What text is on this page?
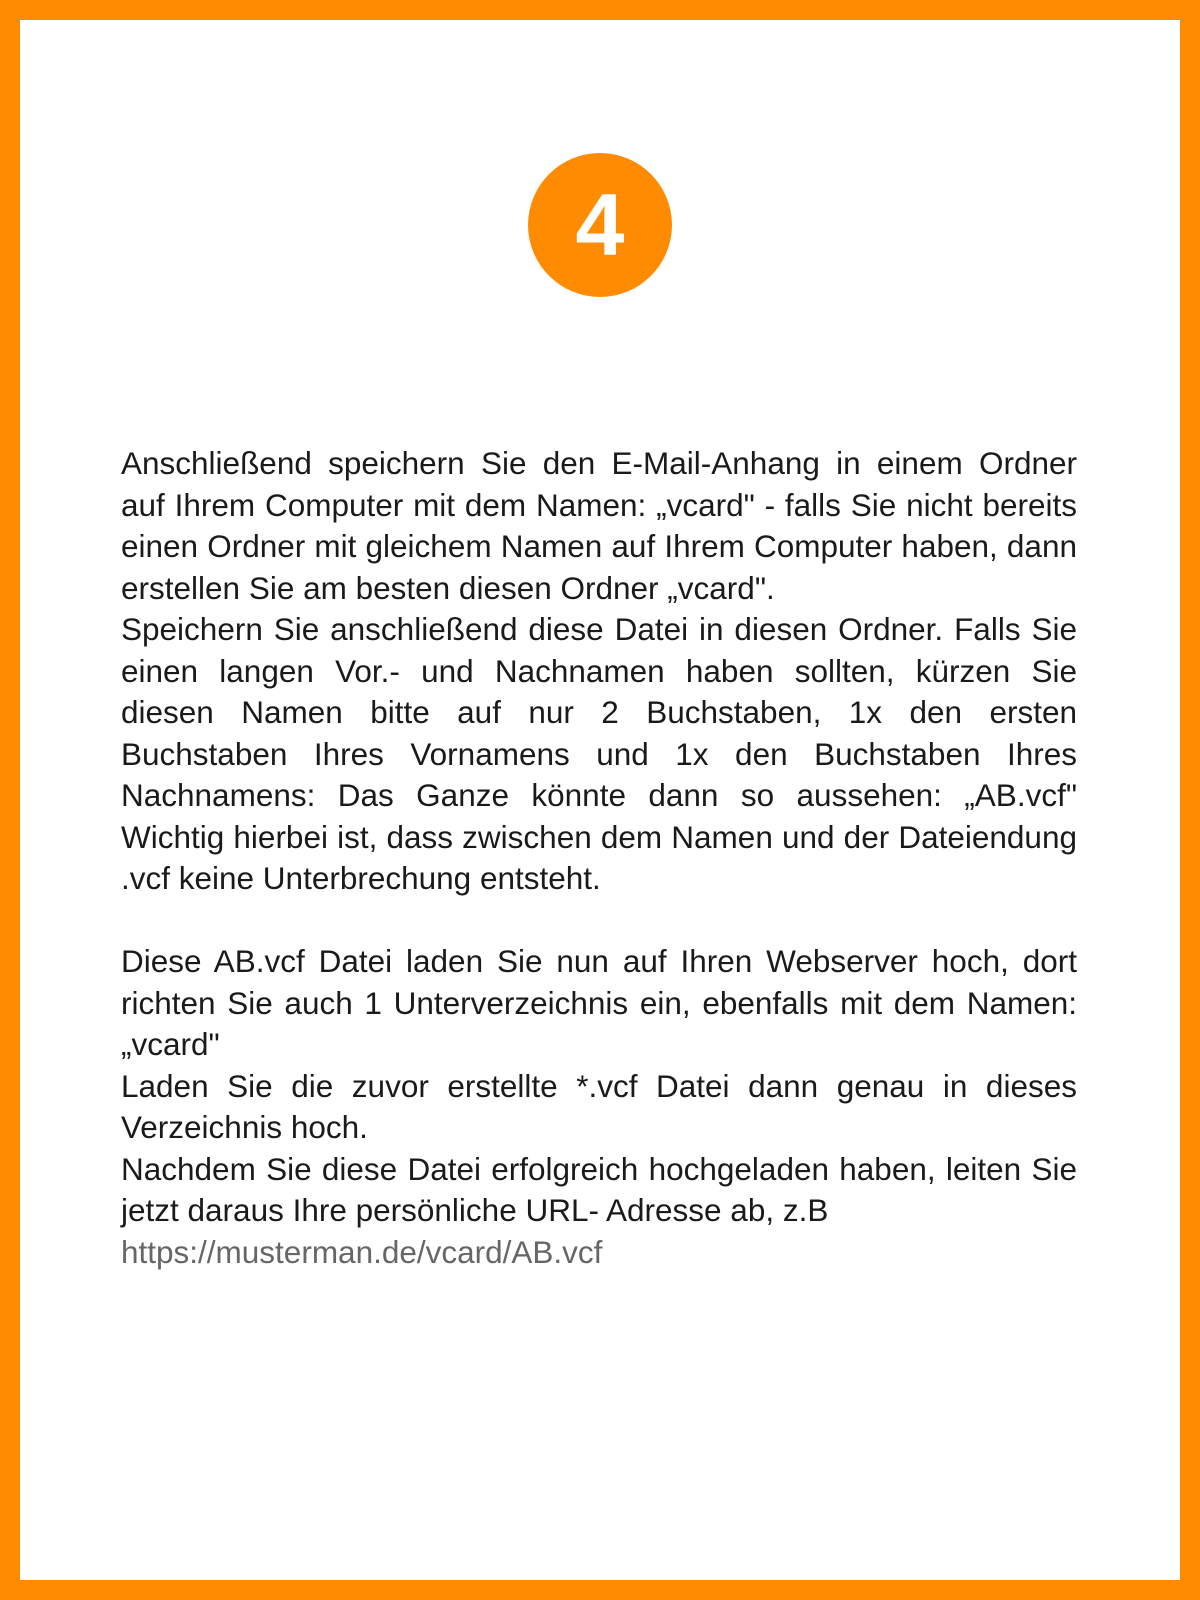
4

Anschließend speichern Sie den E-Mail-Anhang in einem Ordner auf Ihrem Computer mit dem Namen: „vcard" - falls Sie nicht bereits einen Ordner mit gleichem Namen auf Ihrem Computer haben, dann erstellen Sie am besten diesen Ordner „vcard".

Speichern Sie anschließend diese Datei in diesen Ordner. Falls Sie einen langen Vor.- und Nachnamen haben sollten, kürzen Sie diesen Namen bitte auf nur 2 Buchstaben, 1x den ersten Buchstaben Ihres Vornamens und 1x den Buchstaben Ihres Nachnamens: Das Ganze könnte dann so aussehen: „AB.vcf" Wichtig hierbei ist, dass zwischen dem Namen und der Dateiendung .vcf keine Unterbrechung entsteht.

Diese AB.vcf Datei laden Sie nun auf Ihren Webserver hoch, dort richten Sie auch 1 Unterverzeichnis ein, ebenfalls mit dem Namen: „vcard"

Laden Sie die zuvor erstellte *.vcf Datei dann genau in dieses Verzeichnis hoch.

Nachdem Sie diese Datei erfolgreich hochgeladen haben, leiten Sie jetzt daraus Ihre persönliche URL- Adresse ab, z.B

https://musterman.de/vcard/AB.vcf
